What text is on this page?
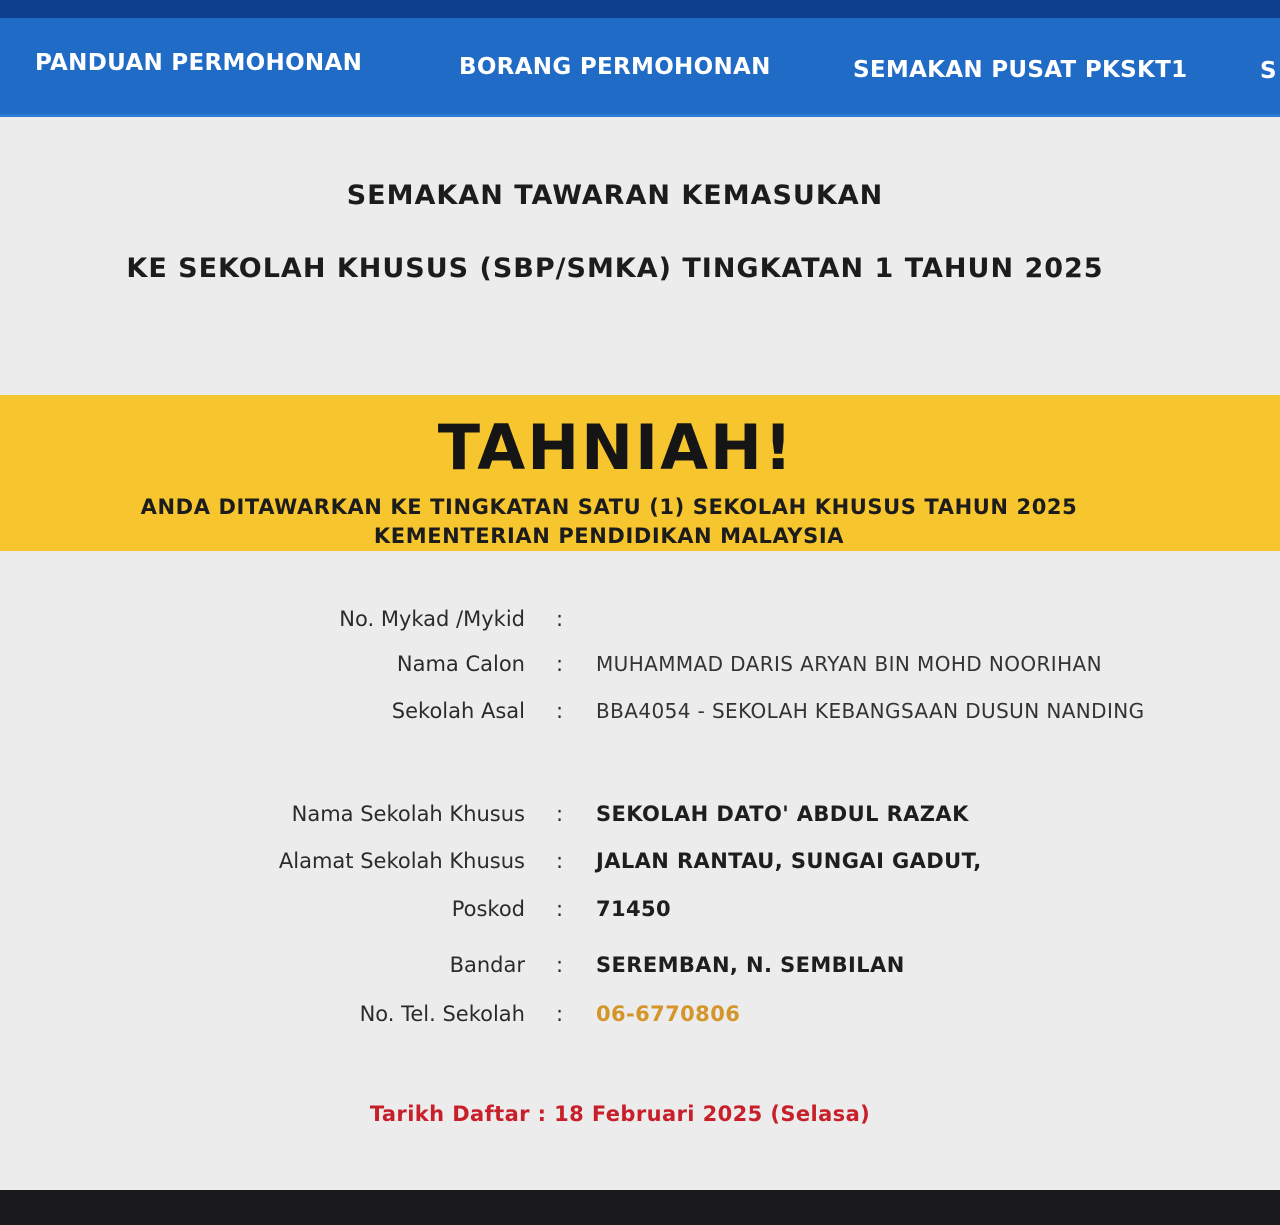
PANDUAN PERMOHONAN	BORANG PERMOHONAN	SEMAKAN PUSAT PKSKT1	S
SEMAKAN TAWARAN KEMASUKAN
KE SEKOLAH KHUSUS (SBP/SMKA) TINGKATAN 1 TAHUN 2025
TAHNIAH!
ANDA DITAWARKAN KE TINGKATAN SATU (1) SEKOLAH KHUSUS TAHUN 2025
KEMENTERIAN PENDIDIKAN MALAYSIA
No. Mykad /Mykid :
Nama Calon : MUHAMMAD DARIS ARYAN BIN MOHD NOORIHAN
Sekolah Asal : BBA4054 - SEKOLAH KEBANGSAAN DUSUN NANDING
Nama Sekolah Khusus : SEKOLAH DATO' ABDUL RAZAK
Alamat Sekolah Khusus : JALAN RANTAU, SUNGAI GADUT,
Poskod : 71450
Bandar : SEREMBAN, N. SEMBILAN
No. Tel. Sekolah : 06-6770806
Tarikh Daftar : 18 Februari 2025 (Selasa)
